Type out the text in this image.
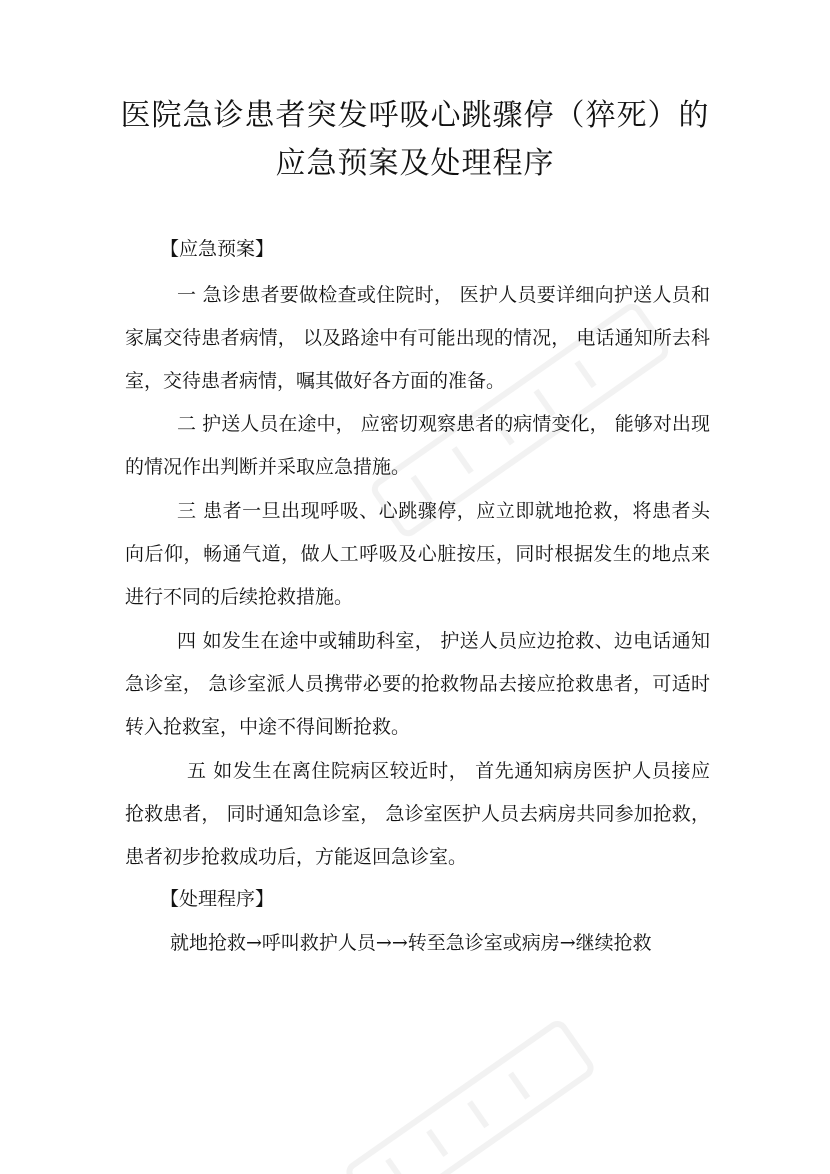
医院急诊患者突发呼吸心跳骤停（猝死）的
应急预案及处理程序
【应急预案】
一 急诊患者要做检查或住院时， 医护人员要详细向护送人员和家属交待患者病情， 以及路途中有可能出现的情况， 电话通知所去科室，交待患者病情，嘱其做好各方面的准备。
二 护送人员在途中， 应密切观察患者的病情变化， 能够对出现的情况作出判断并采取应急措施。
三 患者一旦出现呼吸、心跳骤停，应立即就地抢救，将患者头向后仰，畅通气道，做人工呼吸及心脏按压，同时根据发生的地点来进行不同的后续抢救措施。
四 如发生在途中或辅助科室， 护送人员应边抢救、边电话通知急诊室， 急诊室派人员携带必要的抢救物品去接应抢救患者，可适时转入抢救室，中途不得间断抢救。
五 如发生在离住院病区较近时， 首先通知病房医护人员接应抢救患者， 同时通知急诊室， 急诊室医护人员去病房共同参加抢救，患者初步抢救成功后，方能返回急诊室。
【处理程序】
就地抢救→呼叫救护人员→→转至急诊室或病房→继续抢救
